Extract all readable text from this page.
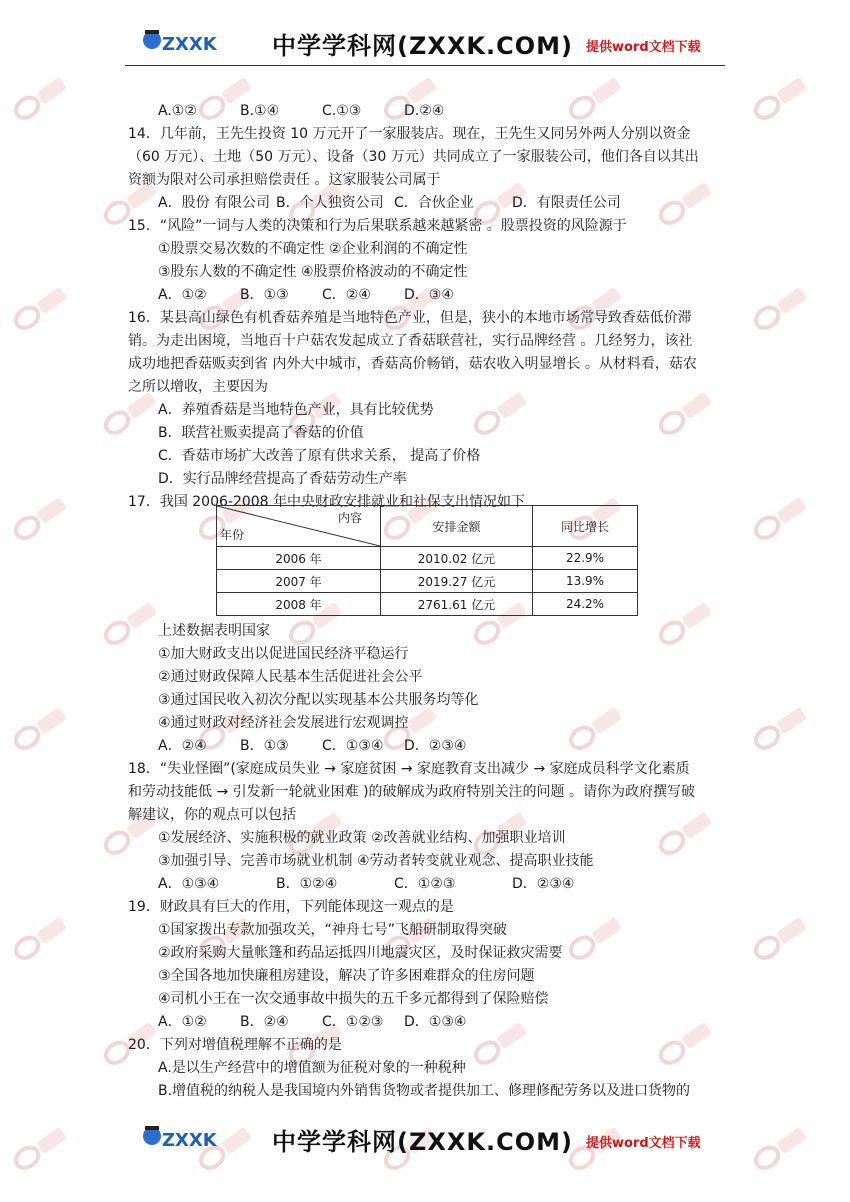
ZXXK 中学学科网(ZXXK.COM) 提供word文档下载
A.①②	B.①④	C.①③	D.②④
14．几年前，王先生投资 10 万元开了一家服装店。现在，王先生又同另外两人分别以资金
（60 万元）、土地（50 万元）、设备（30 万元）共同成立了一家服装公司，他们各自以其出
资额为限对公司承担赔偿责任 。这家服装公司属于
A．股份 有限公司 B．个人独资公司 C．合伙企业	D．有限责任公司
15．“风险”一词与人类的决策和行为后果联系越来越紧密 。股票投资的风险源于
①股票交易次数的不确定性 ②企业利润的不确定性
③股东人数的不确定性 ④股票价格波动的不确定性
A．①② B．①③ C．②④ D．③④
16．某县高山绿色有机香菇养殖是当地特色产业，但是，狭小的本地市场常导致香菇低价滞
销。为走出困境，当地百十户菇农发起成立了香菇联营社，实行品牌经营 。几经努力，该社
成功地把香菇贩卖到省 内外大中城市，香菇高价畅销，菇农收入明显增长 。从材料看，菇农
之所以增收，主要因为
A．养殖香菇是当地特色产业，具有比较优势
B．联营社贩卖提高了香菇的价值
C．香菇市场扩大改善了原有供求关系， 提高了价格
D．实行品牌经营提高了香菇劳动生产率
17．我国 2006-2008 年中央财政安排就业和社保支出情况如下
内容
年份	安排金额	同比增长
2006 年	2010.02 亿元	22.9%
2007 年	2019.27 亿元	13.9%
2008 年	2761.61 亿元	24.2%
上述数据表明国家
①加大财政支出以促进国民经济平稳运行
②通过财政保障人民基本生活促进社会公平
③通过国民收入初次分配以实现基本公共服务均等化
④通过财政对经济社会发展进行宏观调控
A．②④ B．①③ C．①③④ D．②③④
18．“失业怪圈”(家庭成员失业 → 家庭贫困 → 家庭教育支出减少 → 家庭成员科学文化素质
和劳动技能低 → 引发新一轮就业困难 )的破解成为政府特别关注的问题 。请你为政府撰写破
解建议，你的观点可以包括
①发展经济、实施积极的就业政策 ②改善就业结构、加强职业培训
③加强引导、完善市场就业机制 ④劳动者转变就业观念、提高职业技能
A．①③④	B．①②④	C．①②③	D．②③④
19．财政具有巨大的作用，下列能体现这一观点的是
①国家拨出专款加强攻关，“神舟七号”飞船研制取得突破
②政府采购大量帐篷和药品运抵四川地震灾区，及时保证救灾需要
③全国各地加快廉租房建设，解决了许多困难群众的住房问题
④司机小王在一次交通事故中损失的五千多元都得到了保险赔偿
A．①② B．②④ C．①②③ D．①③④
20．下列对增值税理解不正确的是
A.是以生产经营中的增值额为征税对象的一种税种
B.增值税的纳税人是我国境内外销售货物或者提供加工、修理修配劳务以及进口货物的
ZXXK 中学学科网(ZXXK.COM) 提供word文档下载
